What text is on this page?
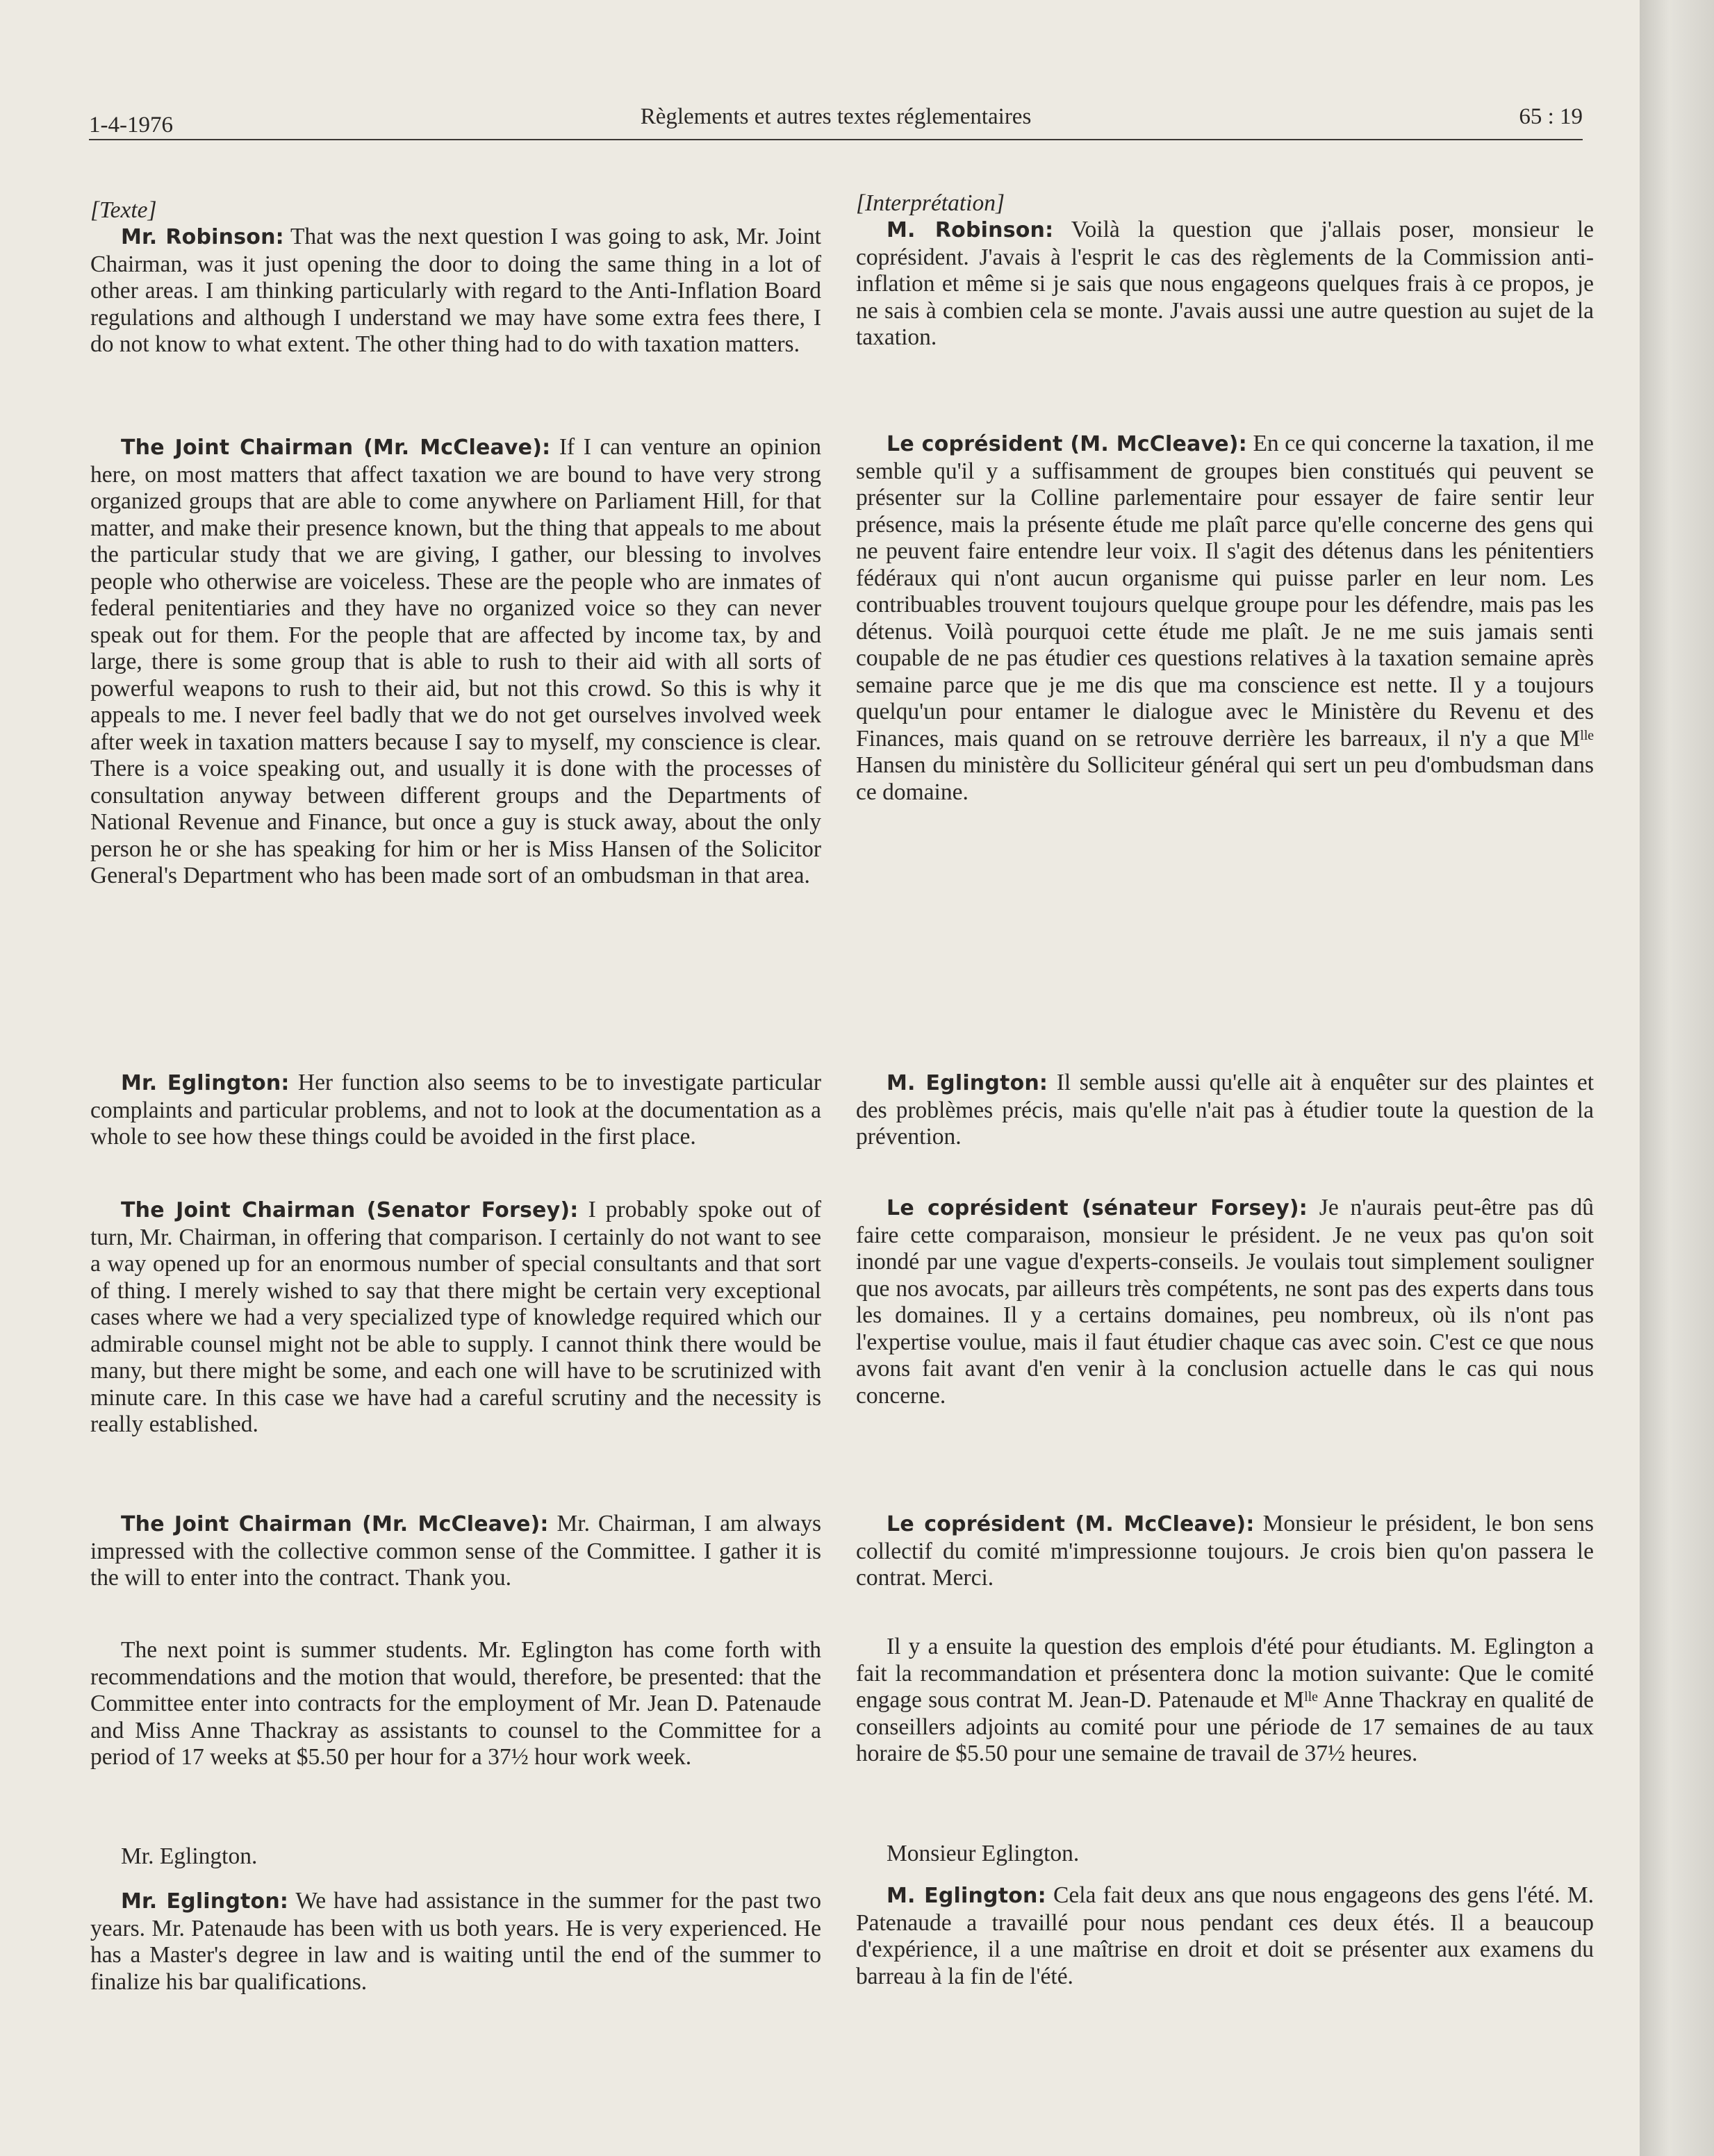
1-4-1976	Règlements et autres textes réglementaires	65 : 19

[Texte]

Mr. Robinson: That was the next question I was going to ask, Mr. Joint Chairman, was it just opening the door to doing the same thing in a lot of other areas. I am thinking particularly with regard to the Anti-Inflation Board regulations and although I understand we may have some extra fees there, I do not know to what extent. The other thing had to do with taxation matters.

The Joint Chairman (Mr. McCleave): If I can venture an opinion here, on most matters that affect taxation we are bound to have very strong organized groups that are able to come anywhere on Parliament Hill, for that matter, and make their presence known, but the thing that appeals to me about the particular study that we are giving, I gather, our blessing to involves people who otherwise are voiceless. These are the people who are inmates of federal penitentiaries and they have no organized voice so they can never speak out for them. For the people that are affected by income tax, by and large, there is some group that is able to rush to their aid with all sorts of powerful weapons to rush to their aid, but not this crowd. So this is why it appeals to me. I never feel badly that we do not get ourselves involved week after week in taxation matters because I say to myself, my conscience is clear. There is a voice speaking out, and usually it is done with the processes of consultation anyway between different groups and the Departments of National Revenue and Finance, but once a guy is stuck away, about the only person he or she has speaking for him or her is Miss Hansen of the Solicitor General's Department who has been made sort of an ombudsman in that area.

Mr. Eglington: Her function also seems to be to investigate particular complaints and particular problems, and not to look at the documentation as a whole to see how these things could be avoided in the first place.

The Joint Chairman (Senator Forsey): I probably spoke out of turn, Mr. Chairman, in offering that comparison. I certainly do not want to see a way opened up for an enormous number of special consultants and that sort of thing. I merely wished to say that there might be certain very exceptional cases where we had a very specialized type of knowledge required which our admirable counsel might not be able to supply. I cannot think there would be many, but there might be some, and each one will have to be scrutinized with minute care. In this case we have had a careful scrutiny and the necessity is really established.

The Joint Chairman (Mr. McCleave): Mr. Chairman, I am always impressed with the collective common sense of the Committee. I gather it is the will to enter into the contract. Thank you.

The next point is summer students. Mr. Eglington has come forth with recommendations and the motion that would, therefore, be presented: that the Committee enter into contracts for the employment of Mr. Jean D. Patenaude and Miss Anne Thackray as assistants to counsel to the Committee for a period of 17 weeks at $5.50 per hour for a 37½ hour work week.

Mr. Eglington.

Mr. Eglington: We have had assistance in the summer for the past two years. Mr. Patenaude has been with us both years. He is very experienced. He has a Master's degree in law and is waiting until the end of the summer to finalize his bar qualifications.

[Interprétation]

M. Robinson: Voilà la question que j'allais poser, monsieur le coprésident. J'avais à l'esprit le cas des règlements de la Commission anti-inflation et même si je sais que nous engageons quelques frais à ce propos, je ne sais à combien cela se monte. J'avais aussi une autre question au sujet de la taxation.

Le coprésident (M. McCleave): En ce qui concerne la taxation, il me semble qu'il y a suffisamment de groupes bien constitués qui peuvent se présenter sur la Colline parlementaire pour essayer de faire sentir leur présence, mais la présente étude me plaît parce qu'elle concerne des gens qui ne peuvent faire entendre leur voix. Il s'agit des détenus dans les pénitentiers fédéraux qui n'ont aucun organisme qui puisse parler en leur nom. Les contribuables trouvent toujours quelque groupe pour les défendre, mais pas les détenus. Voilà pourquoi cette étude me plaît. Je ne me suis jamais senti coupable de ne pas étudier ces questions relatives à la taxation semaine après semaine parce que je me dis que ma conscience est nette. Il y a toujours quelqu'un pour entamer le dialogue avec le Ministère du Revenu et des Finances, mais quand on se retrouve derrière les barreaux, il n'y a que Mˡˡᵉ Hansen du ministère du Solliciteur général qui sert un peu d'ombudsman dans ce domaine.

M. Eglington: Il semble aussi qu'elle ait à enquêter sur des plaintes et des problèmes précis, mais qu'elle n'ait pas à étudier toute la question de la prévention.

Le coprésident (sénateur Forsey): Je n'aurais peut-être pas dû faire cette comparaison, monsieur le président. Je ne veux pas qu'on soit inondé par une vague d'experts-conseils. Je voulais tout simplement souligner que nos avocats, par ailleurs très compétents, ne sont pas des experts dans tous les domaines. Il y a certains domaines, peu nombreux, où ils n'ont pas l'expertise voulue, mais il faut étudier chaque cas avec soin. C'est ce que nous avons fait avant d'en venir à la conclusion actuelle dans le cas qui nous concerne.

Le coprésident (M. McCleave): Monsieur le président, le bon sens collectif du comité m'impressionne toujours. Je crois bien qu'on passera le contrat. Merci.

Il y a ensuite la question des emplois d'été pour étudiants. M. Eglington a fait la recommandation et présentera donc la motion suivante: Que le comité engage sous contrat M. Jean-D. Patenaude et Mˡˡᵉ Anne Thackray en qualité de conseillers adjoints au comité pour une période de 17 semaines de au taux horaire de $5.50 pour une semaine de travail de 37½ heures.

Monsieur Eglington.

M. Eglington: Cela fait deux ans que nous engageons des gens l'été. M. Patenaude a travaillé pour nous pendant ces deux étés. Il a beaucoup d'expérience, il a une maîtrise en droit et doit se présenter aux examens du barreau à la fin de l'été.
